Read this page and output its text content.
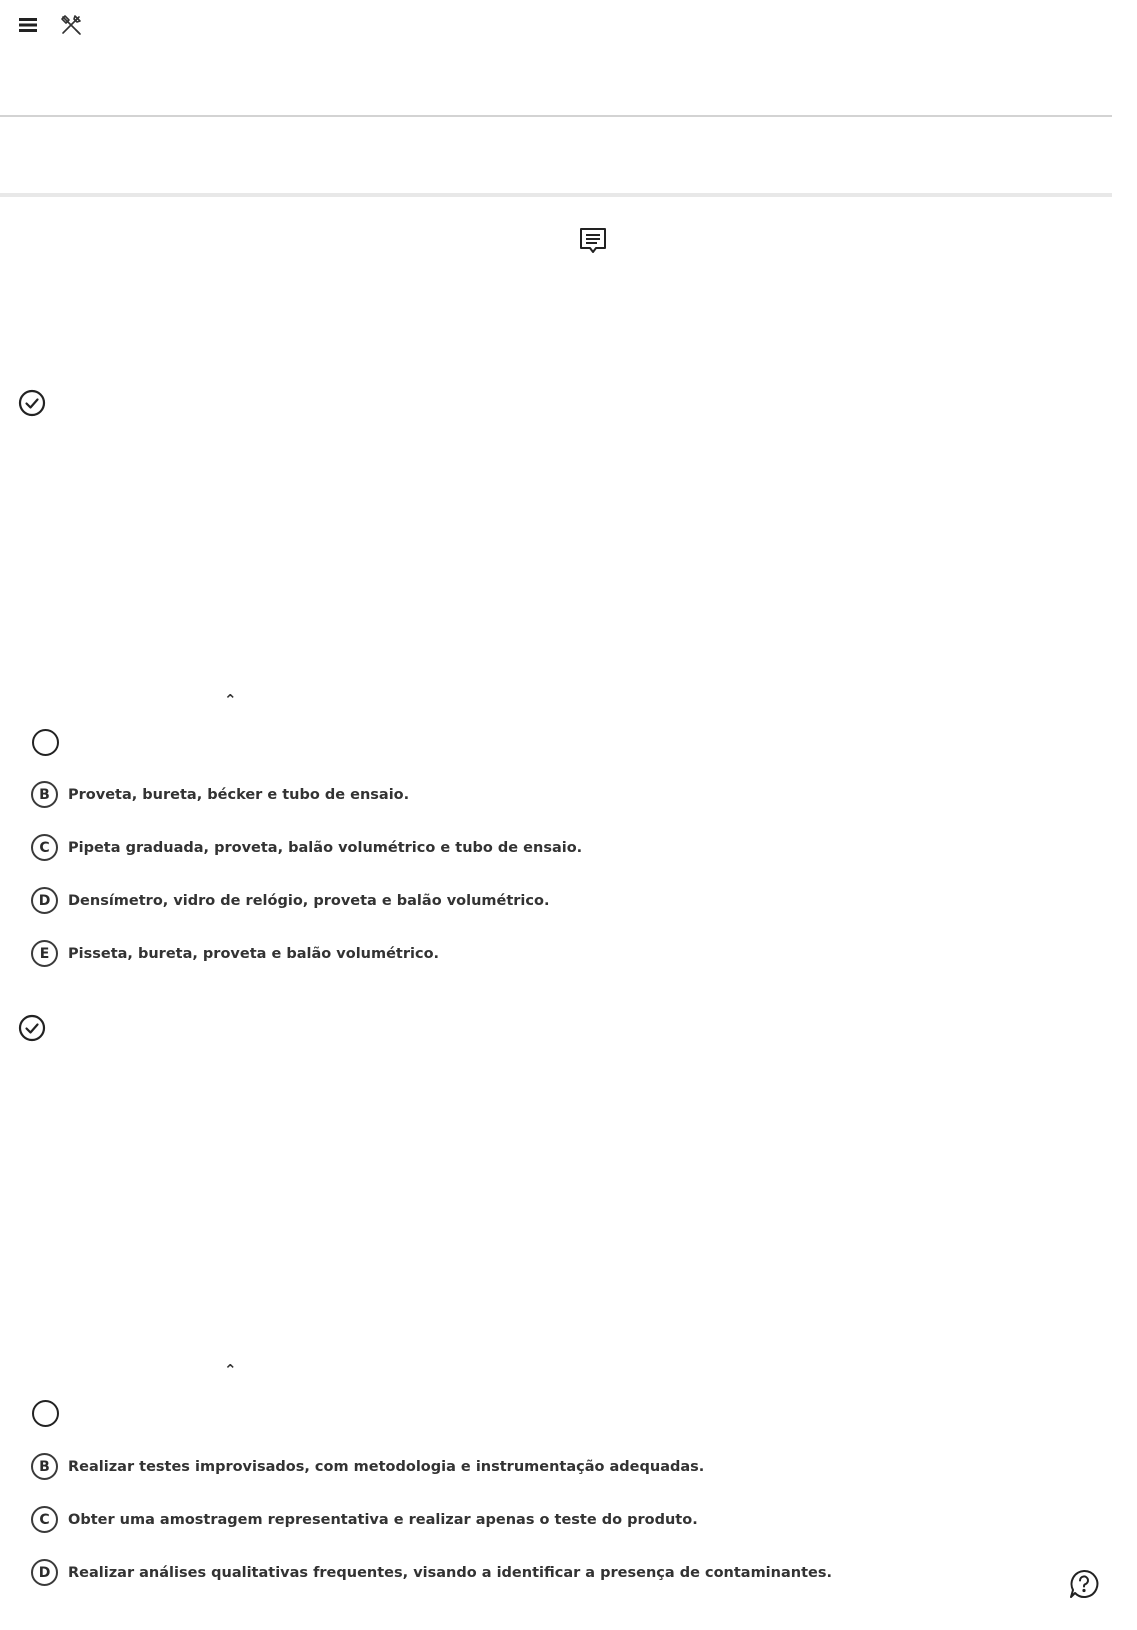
⌃
B	Proveta, bureta, bécker e tubo de ensaio.
C	Pipeta graduada, proveta, balão volumétrico e tubo de ensaio.
D	Densímetro, vidro de relógio, proveta e balão volumétrico.
E	Pisseta, bureta, proveta e balão volumétrico.
⌃
B	Realizar testes improvisados, com metodologia e instrumentação adequadas.
C	Obter uma amostragem representativa e realizar apenas o teste do produto.
D	Realizar análises qualitativas frequentes, visando a identificar a presença de contaminantes.
